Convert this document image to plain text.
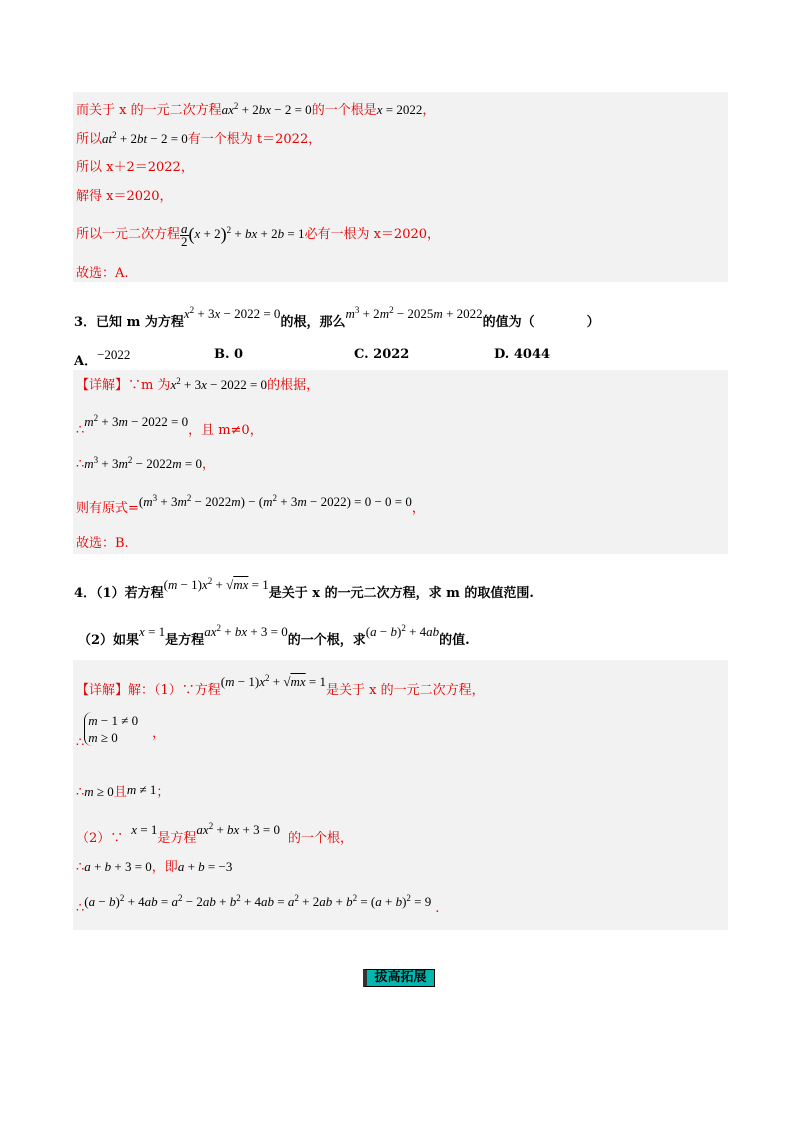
而关于 x 的一元二次方程$ax^2 + 2bx - 2 = 0$的一个根是x = 2022，
所以$at^2 + 2bt - 2 = 0$有一个根为 t＝2022，
所以 x＋2＝2022，
解得 x＝2020，
所以一元二次方程 $\frac{a}{2} (x + 2)^2$ + bx + 2b = 1必有一根为 x＝2020，
故选：A.
3．已知 m 为方程$x^2 + 3x - 2022 = 0$的根，那么$m^3 + 2m^2 - 2025m + 2022$的值为（　　　　）
A．−2022	B. 0	C. 2022	D. 4044
【详解】∵m 为$x^2 + 3x - 2022 = 0$的根据，
$\therefore m^2 + 3m - 2022 = 0$，且 m≠0，
$\therefore m^3 + 3m^2 - 2022m = 0$，
则有原式$=(m^3 + 3m^2 - 2022m) - (m^2 + 3m - 2022) = 0 - 0 = 0$，
故选：B.
4．（1）若方程$(m - 1)x^2 + √mx = 1$是关于 x 的一元二次方程，求 m 的取值范围.
（2）如果x = 1是方程$ax^2$ + bx + 3 = 0的一个根，求$(a - b)^2 + 4ab$的值.
【详解】解：（1）∵方程$(m - 1)x^2 + √mx = 1$是关于 x 的一元二次方程，
∴
m − 1 ≠ 0
m ≥ 0	，
∴m ≥ 0且m ≠ 1；
（2）∵x = 1是方程$ax^2$ + bx + 3 = 0的一个根，
∴a + b + 3 = 0，即a + b = −3
∴(a − $b)^2 + 4ab = a^2 - 2ab + b^2 + 4ab = a^2 + 2ab + b^2 = (a + b)^2 = 9$ .
拔高拓展
